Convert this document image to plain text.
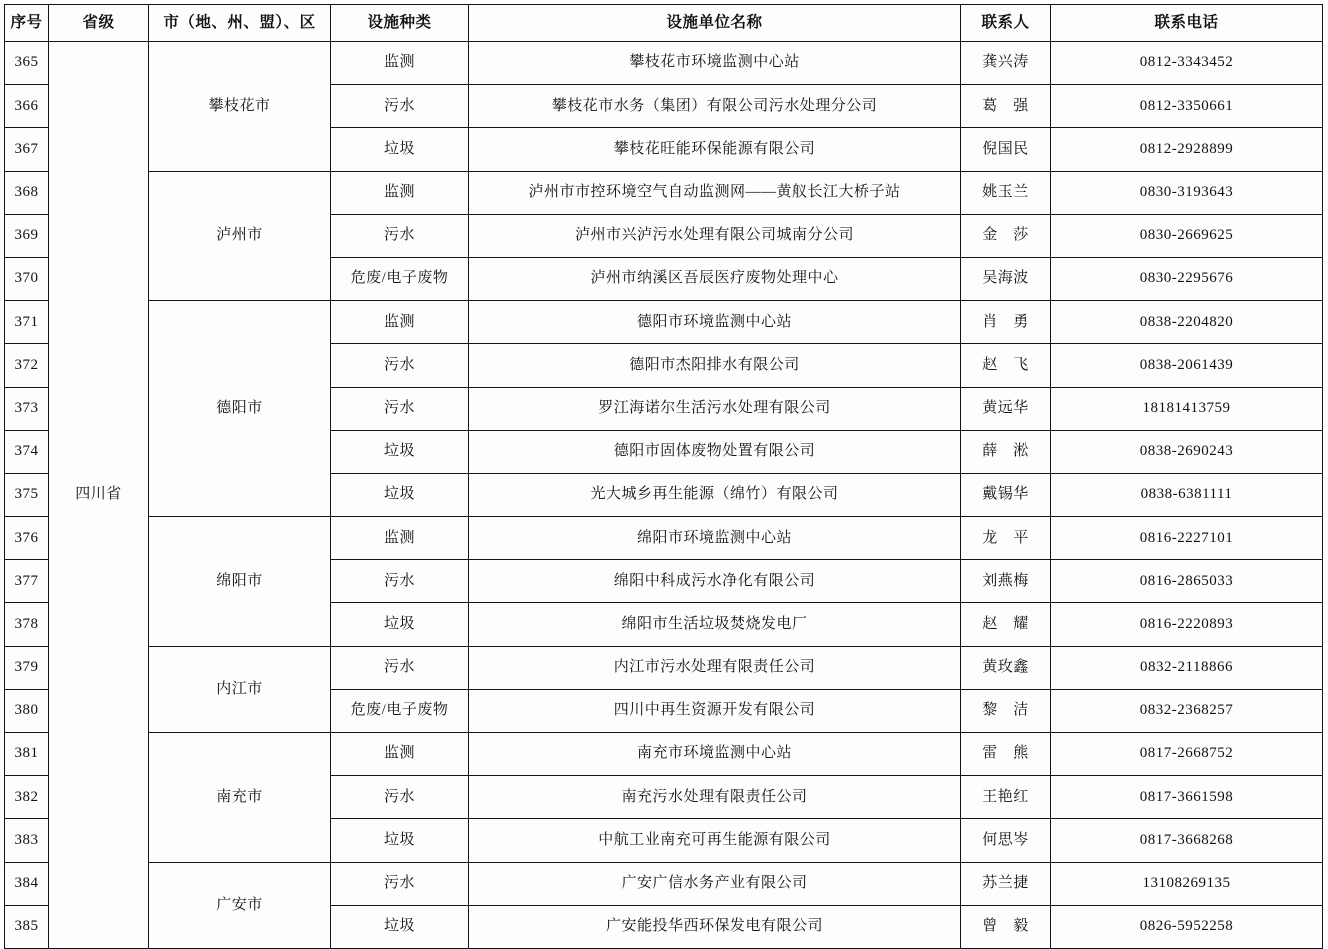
序号	省级	市（地、州、盟）、区	设施种类	设施单位名称	联系人	联系电话
365	四川省	攀枝花市	监测	攀枝花市环境监测中心站	龚兴涛	0812-3343452
366			污水	攀枝花市水务（集团）有限公司污水处理分公司	葛　强	0812-3350661
367			垃圾	攀枝花旺能环保能源有限公司	倪国民	0812-2928899
368		泸州市	监测	泸州市市控环境空气自动监测网——黄舣长江大桥子站	姚玉兰	0830-3193643
369			污水	泸州市兴泸污水处理有限公司城南分公司	金　莎	0830-2669625
370			危废/电子废物	泸州市纳溪区吾辰医疗废物处理中心	吴海波	0830-2295676
371		德阳市	监测	德阳市环境监测中心站	肖　勇	0838-2204820
372			污水	德阳市杰阳排水有限公司	赵　飞	0838-2061439
373			污水	罗江海诺尔生活污水处理有限公司	黄远华	18181413759
374			垃圾	德阳市固体废物处置有限公司	薛　淞	0838-2690243
375			垃圾	光大城乡再生能源（绵竹）有限公司	戴锡华	0838-6381111
376		绵阳市	监测	绵阳市环境监测中心站	龙　平	0816-2227101
377			污水	绵阳中科成污水净化有限公司	刘燕梅	0816-2865033
378			垃圾	绵阳市生活垃圾焚烧发电厂	赵　耀	0816-2220893
379		内江市	污水	内江市污水处理有限责任公司	黄玫鑫	0832-2118866
380			危废/电子废物	四川中再生资源开发有限公司	黎　洁	0832-2368257
381		南充市	监测	南充市环境监测中心站	雷　熊	0817-2668752
382			污水	南充污水处理有限责任公司	王艳红	0817-3661598
383			垃圾	中航工业南充可再生能源有限公司	何思岑	0817-3668268
384		广安市	污水	广安广信水务产业有限公司	苏兰捷	13108269135
385			垃圾	广安能投华西环保发电有限公司	曾　毅	0826-5952258
